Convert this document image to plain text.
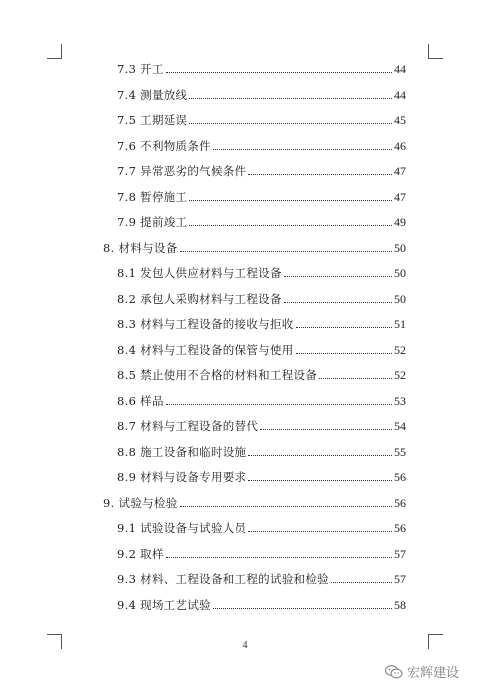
7.3 开工	44
7.4 测量放线	44
7.5 工期延误	45
7.6 不利物质条件	46
7.7 异常恶劣的气候条件	47
7.8 暂停施工	47
7.9 提前竣工	49
8. 材料与设备	50
8.1 发包人供应材料与工程设备	50
8.2 承包人采购材料与工程设备	50
8.3 材料与工程设备的接收与拒收	51
8.4 材料与工程设备的保管与使用	52
8.5 禁止使用不合格的材料和工程设备	52
8.6 样品	53
8.7 材料与工程设备的替代	54
8.8 施工设备和临时设施	55
8.9 材料与设备专用要求	56
9. 试验与检验	56
9.1 试验设备与试验人员	56
9.2 取样	57
9.3 材料、工程设备和工程的试验和检验	57
9.4 现场工艺试验	58
4
宏辉建设
